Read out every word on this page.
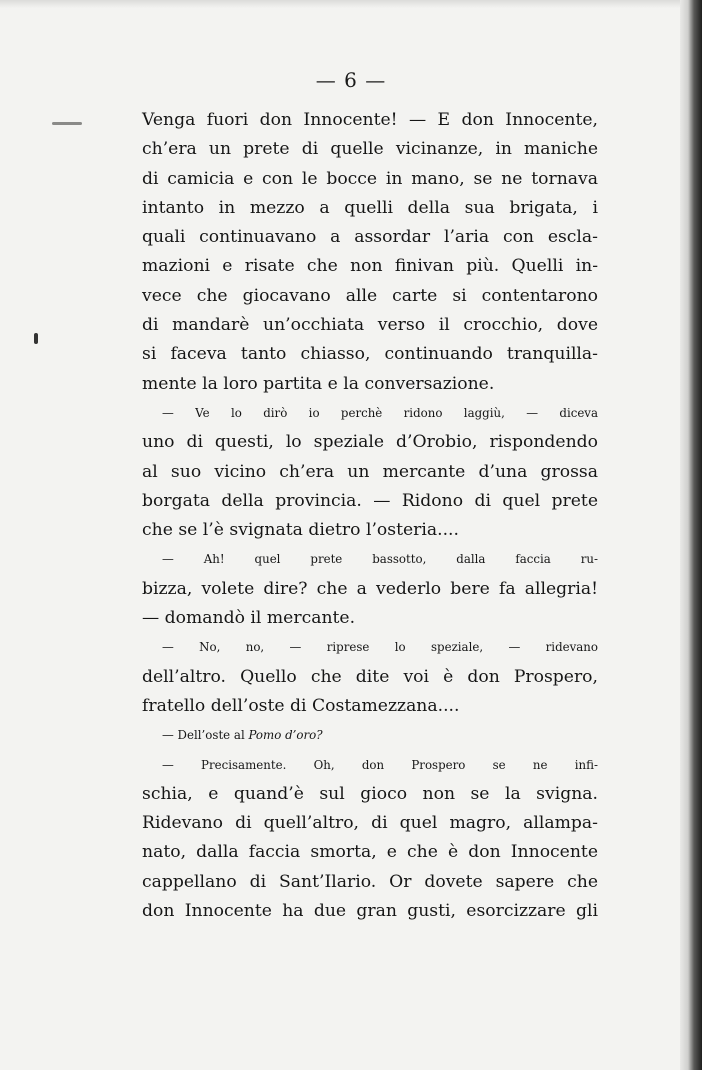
— 6 —
Venga fuori don Innocente! — E don Innocente,
ch’era un prete di quelle vicinanze, in maniche
di camicia e con le bocce in mano, se ne tornava
intanto in mezzo a quelli della sua brigata, i
quali continuavano a assordar l’aria con escla-
mazioni e risate che non finivan più. Quelli in-
vece che giocavano alle carte si contentarono
di mandarè un’occhiata verso il crocchio, dove
si faceva tanto chiasso, continuando tranquilla-
mente la loro partita e la conversazione.
— Ve lo dirò io perchè ridono laggiù, — diceva
uno di questi, lo speziale d’Orobio, rispondendo
al suo vicino ch’era un mercante d’una grossa
borgata della provincia. — Ridono di quel prete
che se l’è svignata dietro l’osteria....
— Ah! quel prete bassotto, dalla faccia ru-
bizza, volete dire? che a vederlo bere fa allegria!
— domandò il mercante.
— No, no, — riprese lo speziale, — ridevano
dell’altro. Quello che dite voi è don Prospero,
fratello dell’oste di Costamezzana....
— Dell’oste al Pomo d’oro?
— Precisamente. Oh, don Prospero se ne infi-
schia, e quand’è sul gioco non se la svigna.
Ridevano di quell’altro, di quel magro, allampa-
nato, dalla faccia smorta, e che è don Innocente
cappellano di Sant’Ilario. Or dovete sapere che
don Innocente ha due gran gusti, esorcizzare gli
